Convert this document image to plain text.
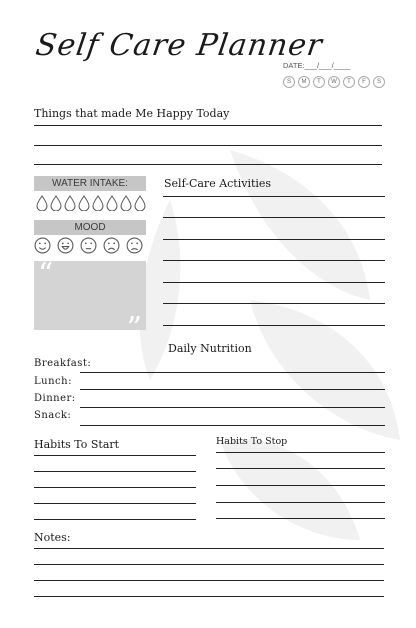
Self Care Planner
DATE:___/___/____
S	M	T	W	T	F	S
Things that made Me Happy Today
WATER INTAKE:
MOOD
“
”
Self-Care Activities
Daily Nutrition
Breakfast:
Lunch:
Dinner:
Snack:
Habits To Start	Habits To Stop
Notes:
